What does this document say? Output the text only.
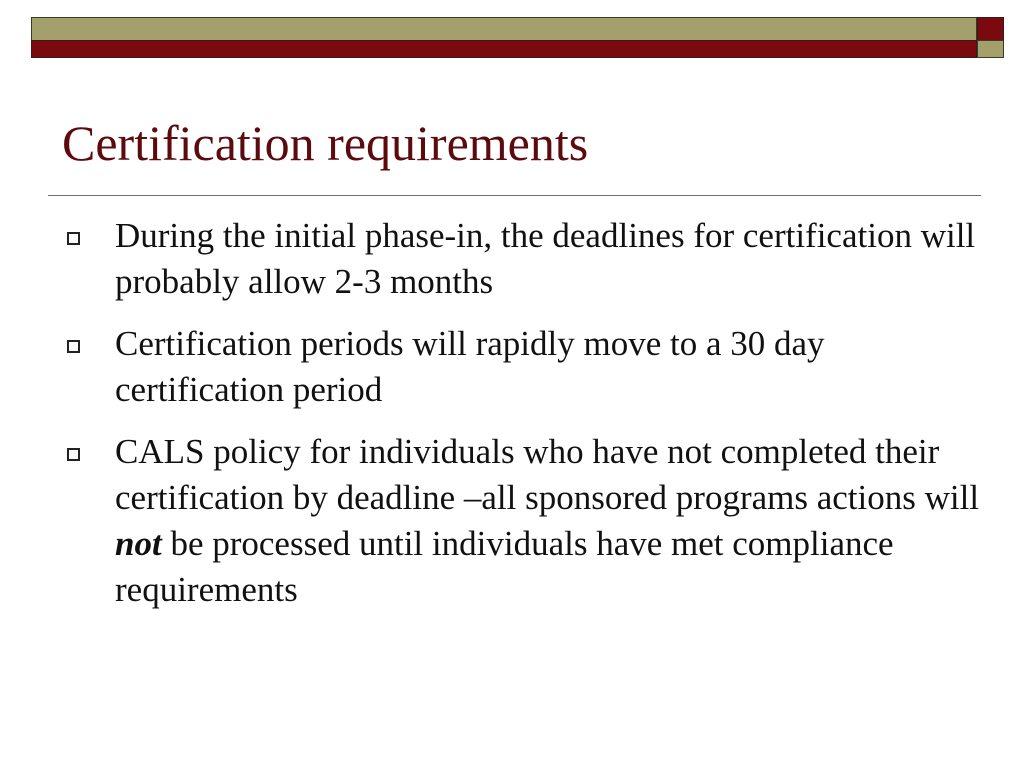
Certification requirements
During the initial phase-in, the deadlines for certification will probably allow 2-3 months
Certification periods will rapidly move to a 30 day certification period
CALS policy for individuals who have not completed their certification by deadline –all sponsored programs actions will not be processed until individuals have met compliance requirements
